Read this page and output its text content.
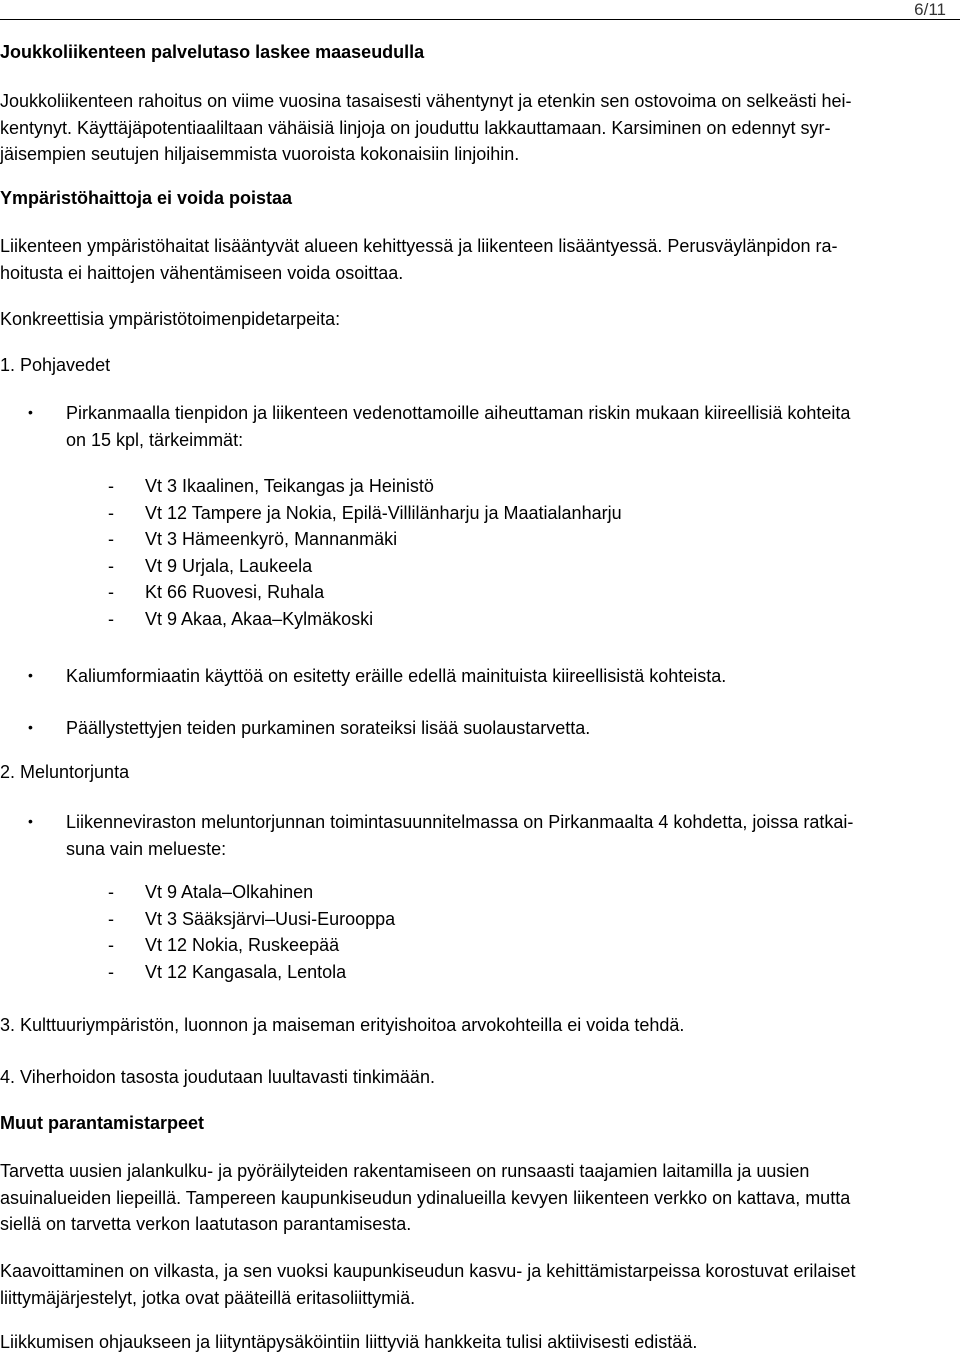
6/11
Joukkoliikenteen palvelutaso laskee maaseudulla
Joukkoliikenteen rahoitus on viime vuosina tasaisesti vähentynyt ja etenkin sen ostovoima on selkeästi hei-
kentynyt. Käyttäjäpotentiaaliltaan vähäisiä linjoja on jouduttu lakkauttamaan. Karsiminen on edennyt syr-
jäisempien seutujen hiljaisemmista vuoroista kokonaisiin linjoihin.
Ympäristöhaittoja ei voida poistaa
Liikenteen ympäristöhaitat lisääntyvät alueen kehittyessä ja liikenteen lisääntyessä. Perusväylänpidon ra-
hoitusta ei haittojen vähentämiseen voida osoittaa.
Konkreettisia ympäristötoimenpidetarpeita:
1. Pohjavedet
• Pirkanmaalla tienpidon ja liikenteen vedenottamoille aiheuttaman riskin mukaan kiireellisiä kohteita
on 15 kpl, tärkeimmät:
- Vt 3 Ikaalinen, Teikangas ja Heinistö
- Vt 12 Tampere ja Nokia, Epilä-Villilänharju ja Maatialanharju
- Vt 3 Hämeenkyrö, Mannanmäki
- Vt 9 Urjala, Laukeela
- Kt 66 Ruovesi, Ruhala
- Vt 9 Akaa, Akaa–Kylmäkoski
• Kaliumformiaatin käyttöä on esitetty eräille edellä mainituista kiireellisistä kohteista.
• Päällystettyjen teiden purkaminen sorateiksi lisää suolaustarvetta.
2. Meluntorjunta
• Liikenneviraston meluntorjunnan toimintasuunnitelmassa on Pirkanmaalta 4 kohdetta, joissa ratkai-
suna vain melueste:
- Vt 9 Atala–Olkahinen
- Vt 3 Sääksjärvi–Uusi-Eurooppa
- Vt 12 Nokia, Ruskeepää
- Vt 12 Kangasala, Lentola
3. Kulttuuriympäristön, luonnon ja maiseman erityishoitoa arvokohteilla ei voida tehdä.
4. Viherhoidon tasosta joudutaan luultavasti tinkimään.
Muut parantamistarpeet
Tarvetta uusien jalankulku- ja pyöräilyteiden rakentamiseen on runsaasti taajamien laitamilla ja uusien
asuinalueiden liepeillä. Tampereen kaupunkiseudun ydinalueilla kevyen liikenteen verkko on kattava, mutta
siellä on tarvetta verkon laatutason parantamisesta.
Kaavoittaminen on vilkasta, ja sen vuoksi kaupunkiseudun kasvu- ja kehittämistarpeissa korostuvat erilaiset
liittymäjärjestelyt, jotka ovat pääteillä eritasoliittymiä.
Liikkumisen ohjaukseen ja liityntäpysäköintiin liittyviä hankkeita tulisi aktiivisesti edistää.
